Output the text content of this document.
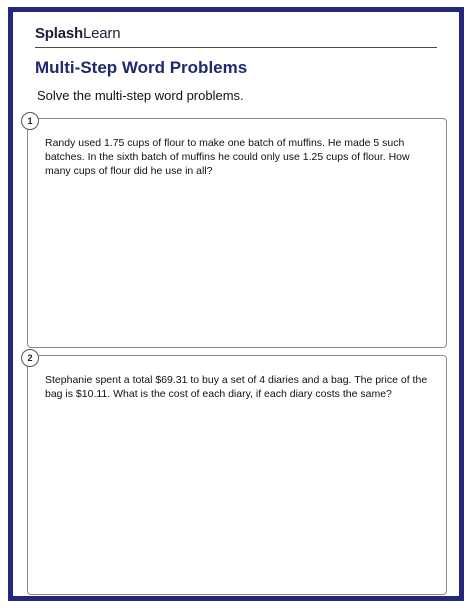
SplashLearn
Multi-Step Word Problems
Solve the multi-step word problems.
1
Randy used 1.75 cups of flour to make one batch of muffins. He made 5 such batches. In the sixth batch of muffins he could only use 1.25 cups of flour. How many cups of flour did he use in all?
2
Stephanie spent a total $69.31 to buy a set of 4 diaries and a bag. The price of the bag is $10.11. What is the cost of each diary, if each diary costs the same?
